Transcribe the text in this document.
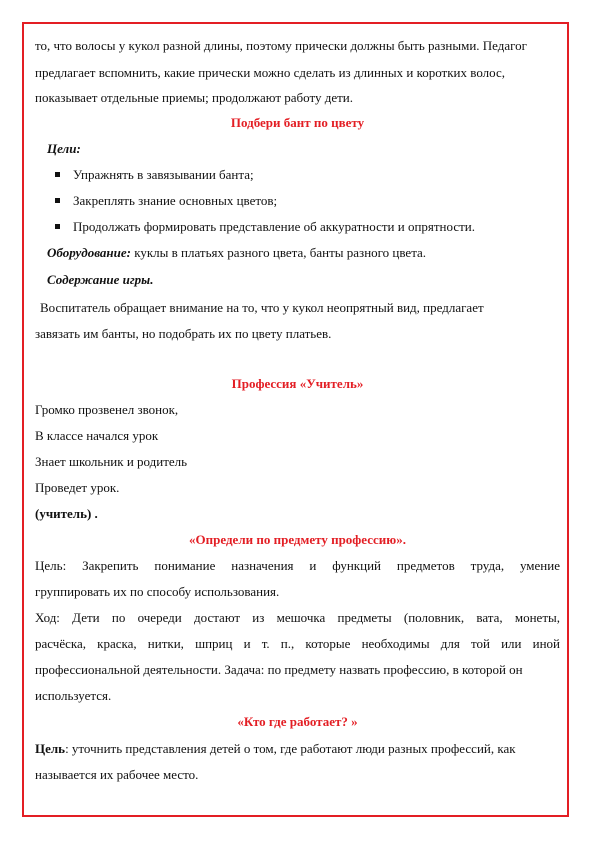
то, что волосы у кукол разной длины, поэтому прически должны быть разными. Педагог
предлагает вспомнить, какие прически можно сделать из длинных и коротких волос,
показывает отдельные приемы; продолжают работу дети.
Подбери бант по цвету
Цели:
Упражнять в завязывании банта;
Закреплять знание основных цветов;
Продолжать формировать представление об аккуратности и опрятности.
Оборудование: куклы в платьях разного цвета, банты разного цвета.
Содержание игры.
Воспитатель обращает внимание на то, что у кукол неопрятный вид, предлагает
завязать им банты, но подобрать их по цвету платьев.
Профессия «Учитель»
Громко прозвенел звонок,
В классе начался урок
Знает школьник и родитель
Проведет урок.
(учитель) .
«Определи по предмету профессию».
Цель: Закрепить понимание назначения и функций предметов труда, умение
группировать их по способу использования.
Ход: Дети по очереди достают из мешочка предметы (половник, вата, монеты,
расчёска, краска, нитки, шприц и т. п., которые необходимы для той или иной
профессиональной деятельности. Задача: по предмету назвать профессию, в которой он
используется.
«Кто где работает? »
Цель: уточнить представления детей о том, где работают люди разных профессий, как
называется их рабочее место.
